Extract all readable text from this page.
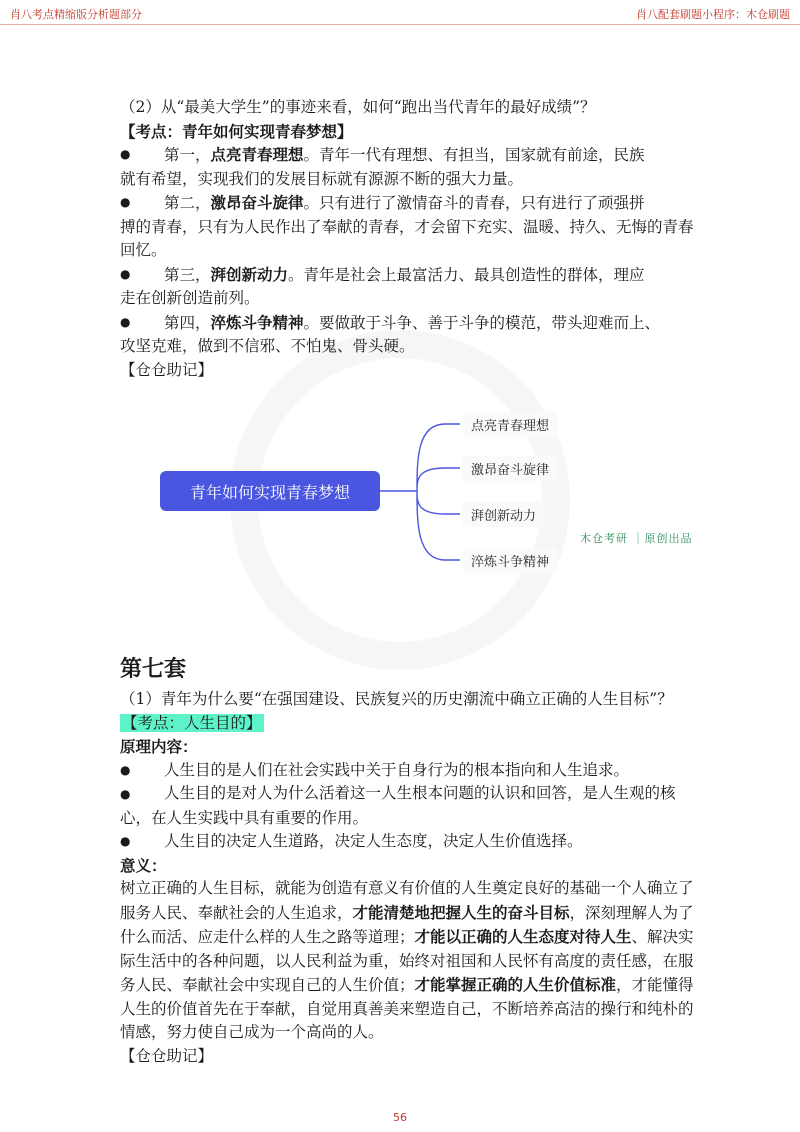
肖八考点精缩版分析题部分	肖八配套刷题小程序：木仓刷题

（2）从“最美大学生”的事迹来看，如何“跑出当代青年的最好成绩”？

【考点：青年如何实现青春梦想】

●	第一，点亮青春理想。青年一代有理想、有担当，国家就有前途，民族
就有希望，实现我们的发展目标就有源源不断的强大力量。
●	第二，激昂奋斗旋律。只有进行了激情奋斗的青春，只有进行了顽强拼
搏的青春，只有为人民作出了奉献的青春，才会留下充实、温暖、持久、无悔的青春回忆。
●	第三，湃创新动力。青年是社会上最富活力、最具创造性的群体，理应
走在创新创造前列。
●	第四，淬炼斗争精神。要做敢于斗争、善于斗争的模范，带头迎难而上、
攻坚克难，做到不信邪、不怕鬼、骨头硬。

【仓仓助记】

第七套

（1）青年为什么要“在强国建设、民族复兴的历史潮流中确立正确的人生目标”？

【考点：人生目的】

原理内容：

●	人生目的是人们在社会实践中关于自身行为的根本指向和人生追求。
● 人生目的是对人为什么活着这一人生根本问题的认识和回答，是人生观的核心，在人生实践中具有重要的作用。
●	人生目的决定人生道路，决定人生态度，决定人生价值选择。

意义：

树立正确的人生目标，就能为创造有意义有价值的人生奠定良好的基础一个人确立了服务人民、奉献社会的人生追求，才能清楚地把握人生的奋斗目标，深刻理解人为了什么而活、应走什么样的人生之路等道理；才能以正确的人生态度对待人生、解决实际生活中的各种问题，以人民利益为重，始终对祖国和人民怀有高度的责任感，在服务人民、奉献社会中实现自己的人生价值；才能掌握正确的人生价值标准，才能懂得人生的价值首先在于奉献，自觉用真善美来塑造自己，不断培养高洁的操行和纯朴的情感，努力使自己成为一个高尚的人。

【仓仓助记】

青年如何实现青春梦想
点亮青春理想
激昂奋斗旋律
湃创新动力
淬炼斗争精神
木仓考研 ｜原创出品
56
